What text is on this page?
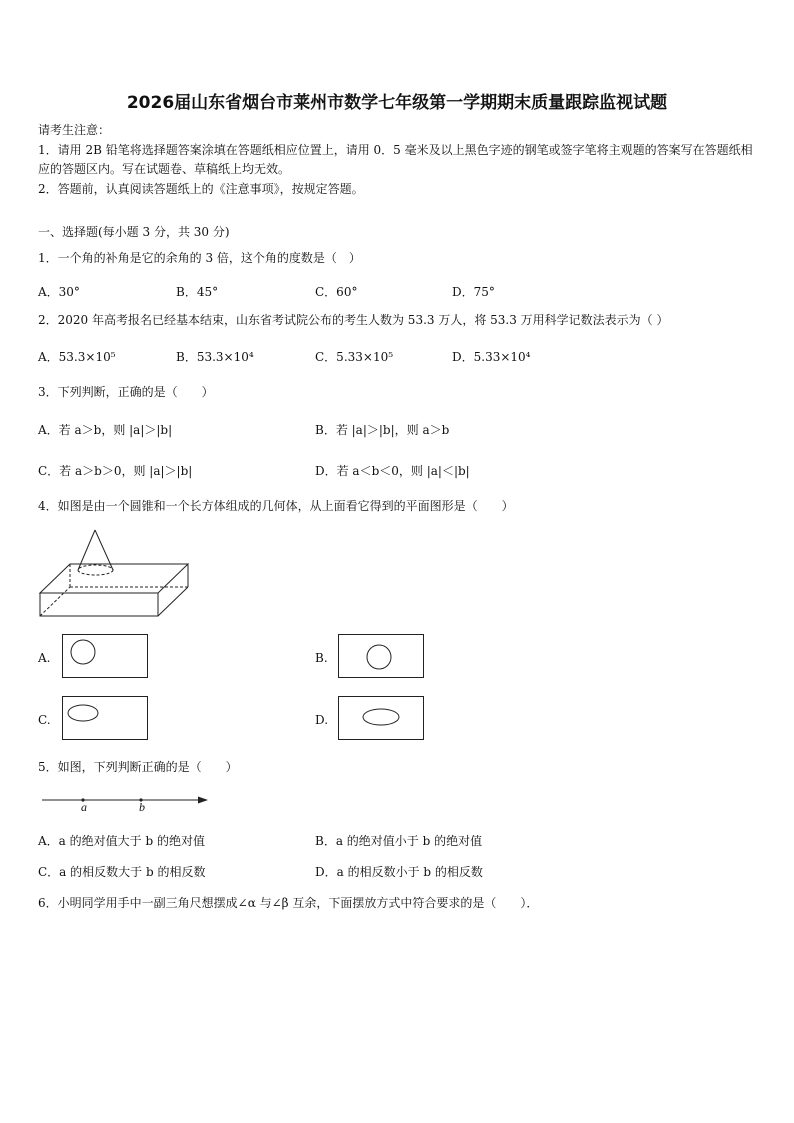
2026届山东省烟台市莱州市数学七年级第一学期期末质量跟踪监视试题
请考生注意：
1．请用 2B 铅笔将选择题答案涂填在答题纸相应位置上，请用 0．5 毫米及以上黑色字迹的钢笔或签字笔将主观题的答案写在答题纸相应的答题区内。写在试题卷、草稿纸上均无效。
2．答题前，认真阅读答题纸上的《注意事项》，按规定答题。
一、选择题(每小题 3 分，共 30 分)
1．一个角的补角是它的余角的 3 倍，这个角的度数是（　）
A．30°	B．45°	C．60°	D．75°
2．2020 年高考报名已经基本结束，山东省考试院公布的考生人数为 53.3 万人，将 53.3 万用科学记数法表示为（ ）
A．53.3×10⁵	B．53.3×10⁴	C．5.33×10⁵	D．5.33×10⁴
3．下列判断，正确的是（　　）
A．若 a＞b，则 |a|＞|b|	B．若 |a|＞|b|，则 a＞b
C．若 a＞b＞0，则 |a|＞|b|	D．若 a＜b＜0，则 |a|＜|b|
4．如图是由一个圆锥和一个长方体组成的几何体，从上面看它得到的平面图形是（　　）
A.	B.
C.	D.
5．如图，下列判断正确的是（　　）
a	b
A．a 的绝对值大于 b 的绝对值	B．a 的绝对值小于 b 的绝对值
C．a 的相反数大于 b 的相反数	D．a 的相反数小于 b 的相反数
6．小明同学用手中一副三角尺想摆成∠α 与∠β 互余，下面摆放方式中符合要求的是（　　）．
